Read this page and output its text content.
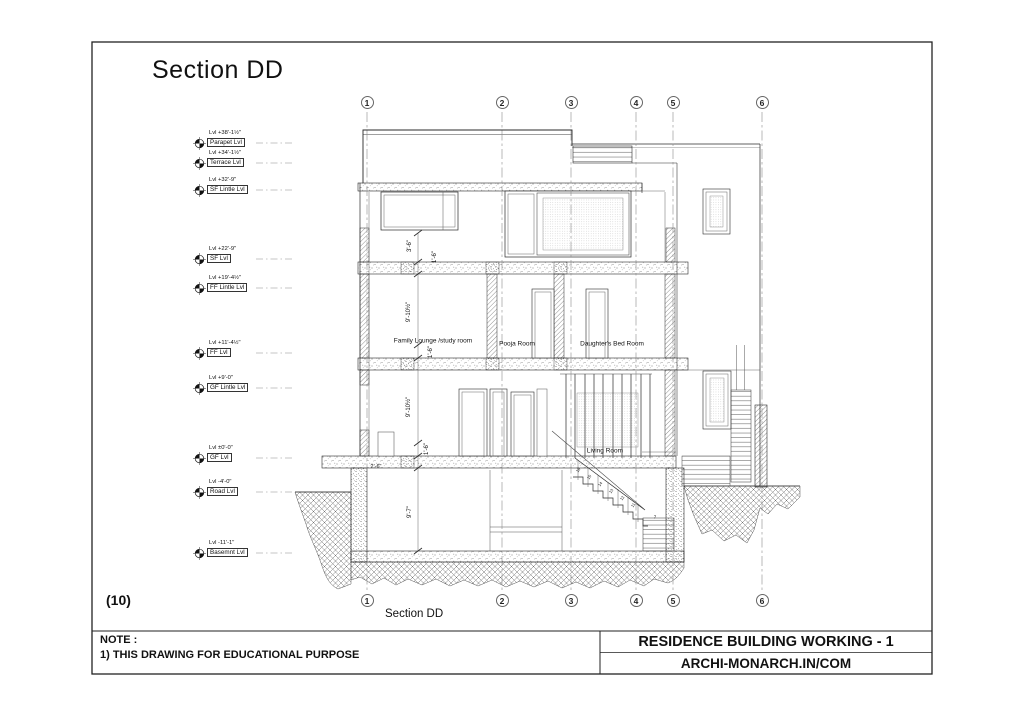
Section DD
1	2	3	4	5	6
1	2	3	4	5	6
Lvl +38'-1½"
Parapet Lvl
Lvl +34'-1½"
Terrace Lvl
Lvl +32'-9"
SF Lintle Lvl
Lvl +22'-9"
SF Lvl
Lvl +19'-4½"
FF Lintle Lvl
Lvl +11'-4½"
FF Lvl
Lvl +9'-0"
GF Lintle Lvl
Lvl ±0'-0"
GF Lvl
Lvl -4'-0"
Road Lvl
Lvl -11'-1"
Basemnt Lvl
Family Lounge /study room	Pooja Room	Daughter's Bed Room
Living Room
3'-6"
1'-6"
9'-10½"
1'-6"
9'-10½"
1'-6"
9'-7"
2'-6"	16
15
14
13
12
11
7
Section DD
(10)
NOTE :
1) THIS DRAWING FOR EDUCATIONAL PURPOSE
RESIDENCE BUILDING WORKING - 1
ARCHI-MONARCH.IN/COM
